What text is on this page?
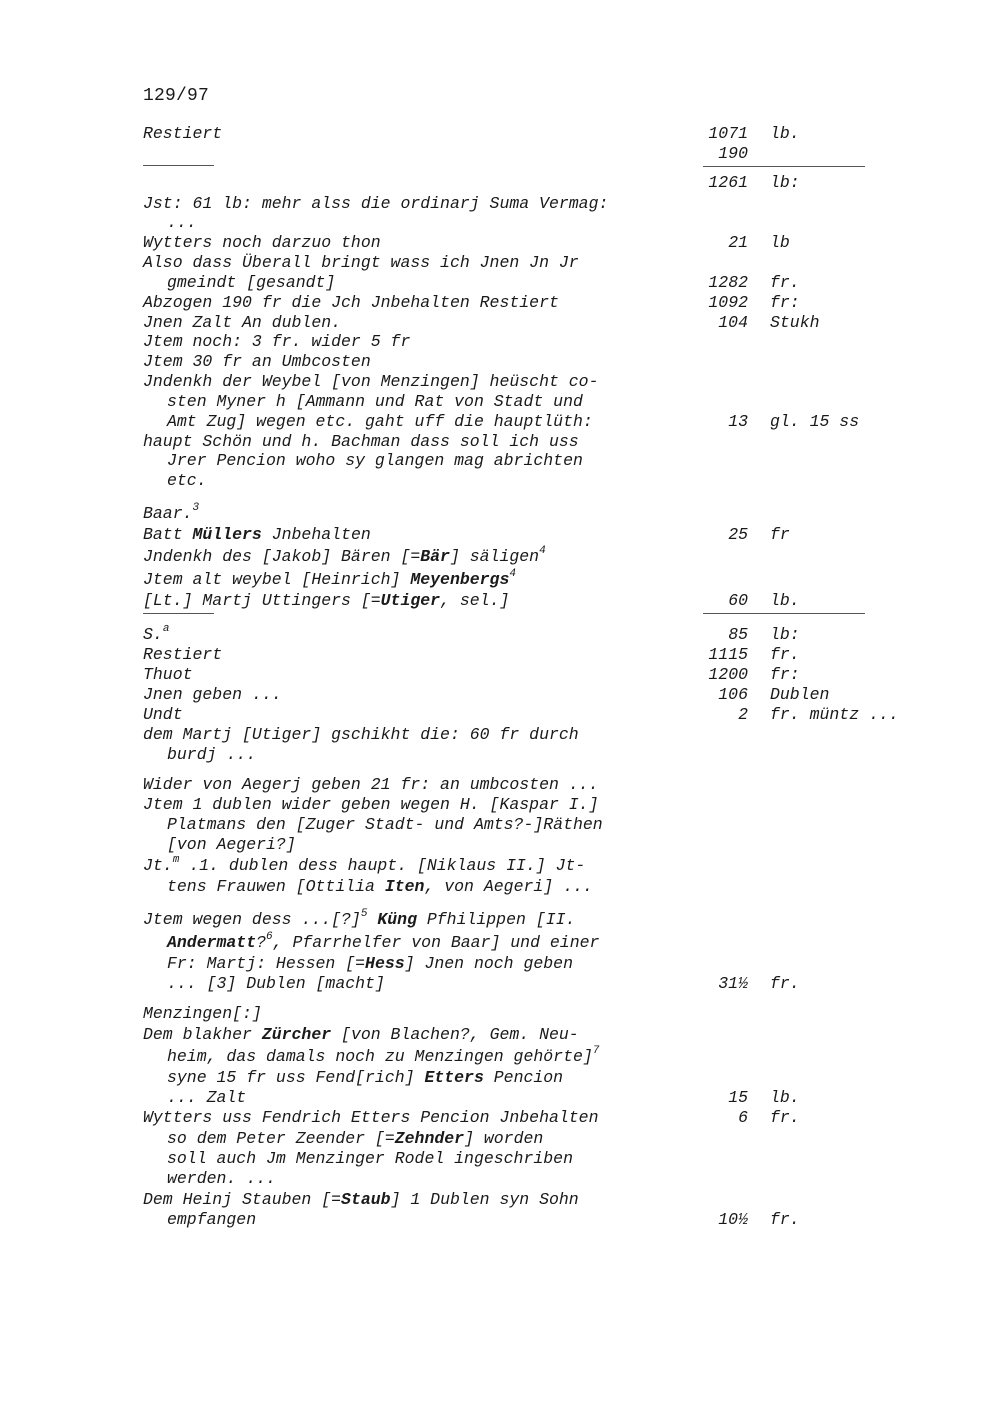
129/97
Restiert	1071 lb.
190
1261 lb:
Jst: 61 lb: mehr alss die ordinarj Suma Vermag:
...
Wytters noch darzuo thon	21 lb
Also dass Überall bringt wass ich Jnen Jn Jr
gmeindt [gesandt]	1282 fr.
Abzogen 190 fr die Jch Jnbehalten Restiert	1092 fr:
Jnen Zalt An dublen.	104 Stukh
Jtem noch: 3 fr. wider 5 fr
Jtem 30 fr an Umbcosten
Jndenkh der Weybel [von Menzingen] heüscht co-
sten Myner h [Ammann und Rat von Stadt und
Amt Zug] wegen etc. gaht uff die hauptlüth:	13 gl. 15 ss
haupt Schön und h. Bachman dass soll ich uss
Jrer Pencion woho sy glangen mag abrichten
etc.
Baar.$^3$
Batt Müllers Jnbehalten	25 fr
Jndenkh des [Jakob] Bären [=Bär] säligen$^4$
Jtem alt weybel [Heinrich] Meyenbergs$^4$
[Lt.] Martj Uttingers [=Utiger, sel.]	60 lb.
S.$^a$	85 lb:
Restiert	1115 fr.
Thuot	1200 fr:
Jnen geben ...	106 Dublen
Undt	2 fr. müntz ...
dem Martj [Utiger] gschikht die: 60 fr durch
burdj ...
Wider von Aegerj geben 21 fr: an umbcosten ...
Jtem 1 dublen wider geben wegen H. [Kaspar I.]
Platmans den [Zuger Stadt- und Amts?-]Räthen
[von Aegeri?]
Jt.$^m$ .1. dublen dess haupt. [Niklaus II.] Jt-
tens Frauwen [Ottilia Iten, von Aegeri] ...
Jtem wegen dess ...[?]$^5$ Küng Pfhilippen [II.
Andermatt?$^6$, Pfarrhelfer von Baar] und einer
Fr: Martj: Hessen [=Hess] Jnen noch geben
... [3] Dublen [macht]	31½ fr.
Menzingen[:]
Dem blakher Zürcher [von Blachen?, Gem. Neu-
heim, das damals noch zu Menzingen gehörte]$^7$
syne 15 fr uss Fend[rich] Etters Pencion
... Zalt	15 lb.
Wytters uss Fendrich Etters Pencion Jnbehalten	6 fr.
so dem Peter Zeender [=Zehnder] worden
soll auch Jm Menzinger Rodel ingeschriben
werden. ...
Dem Heinj Stauben [=Staub] 1 Dublen syn Sohn
empfangen	10½ fr.
